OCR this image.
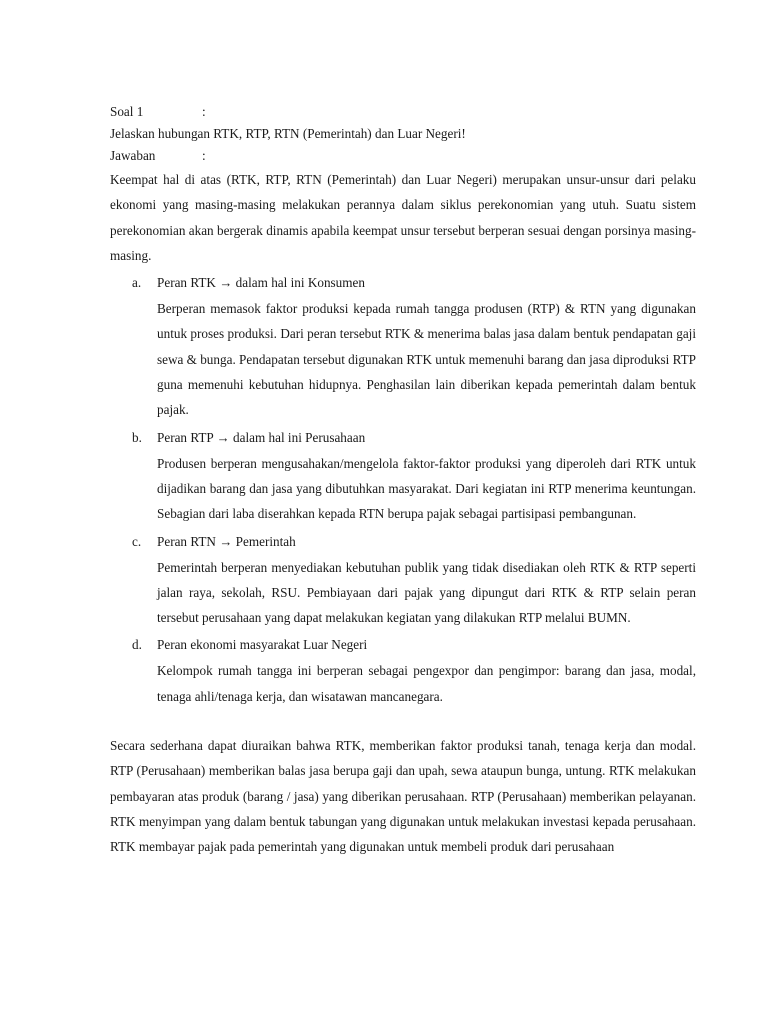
Soal 1	:
Jelaskan hubungan RTK, RTP, RTN (Pemerintah) dan Luar Negeri!
Jawaban	:

Keempat hal di atas (RTK, RTP, RTN (Pemerintah) dan Luar Negeri) merupakan unsur-unsur dari pelaku ekonomi yang masing-masing melakukan perannya dalam siklus perekonomian yang utuh. Suatu sistem perekonomian akan bergerak dinamis apabila keempat unsur tersebut berperan sesuai dengan porsinya masing-masing.

a. Peran RTK → dalam hal ini Konsumen

Berperan memasok faktor produksi kepada rumah tangga produsen (RTP) & RTN yang digunakan untuk proses produksi. Dari peran tersebut RTK & menerima balas jasa dalam bentuk pendapatan gaji sewa & bunga. Pendapatan tersebut digunakan RTK untuk memenuhi barang dan jasa diproduksi RTP guna memenuhi kebutuhan hidupnya. Penghasilan lain diberikan kepada pemerintah dalam bentuk pajak.

b. Peran RTP → dalam hal ini Perusahaan

Produsen berperan mengusahakan/mengelola faktor-faktor produksi yang diperoleh dari RTK untuk dijadikan barang dan jasa yang dibutuhkan masyarakat. Dari kegiatan ini RTP menerima keuntungan. Sebagian dari laba diserahkan kepada RTN berupa pajak sebagai partisipasi pembangunan.

c. Peran RTN → Pemerintah

Pemerintah berperan menyediakan kebutuhan publik yang tidak disediakan oleh RTK & RTP seperti jalan raya, sekolah, RSU. Pembiayaan dari pajak yang dipungut dari RTK & RTP selain peran tersebut perusahaan yang dapat melakukan kegiatan yang dilakukan RTP melalui BUMN.

d. Peran ekonomi masyarakat Luar Negeri

Kelompok rumah tangga ini berperan sebagai pengexpor dan pengimpor: barang dan jasa, modal, tenaga ahli/tenaga kerja, dan wisatawan mancanegara.

Secara sederhana dapat diuraikan bahwa RTK, memberikan faktor produksi tanah, tenaga kerja dan modal. RTP (Perusahaan) memberikan balas jasa berupa gaji dan upah, sewa ataupun bunga, untung. RTK melakukan pembayaran atas produk (barang / jasa) yang diberikan perusahaan. RTP (Perusahaan) memberikan pelayanan. RTK menyimpan yang dalam bentuk tabungan yang digunakan untuk melakukan investasi kepada perusahaan. RTK membayar pajak pada pemerintah yang digunakan untuk membeli produk dari perusahaan
